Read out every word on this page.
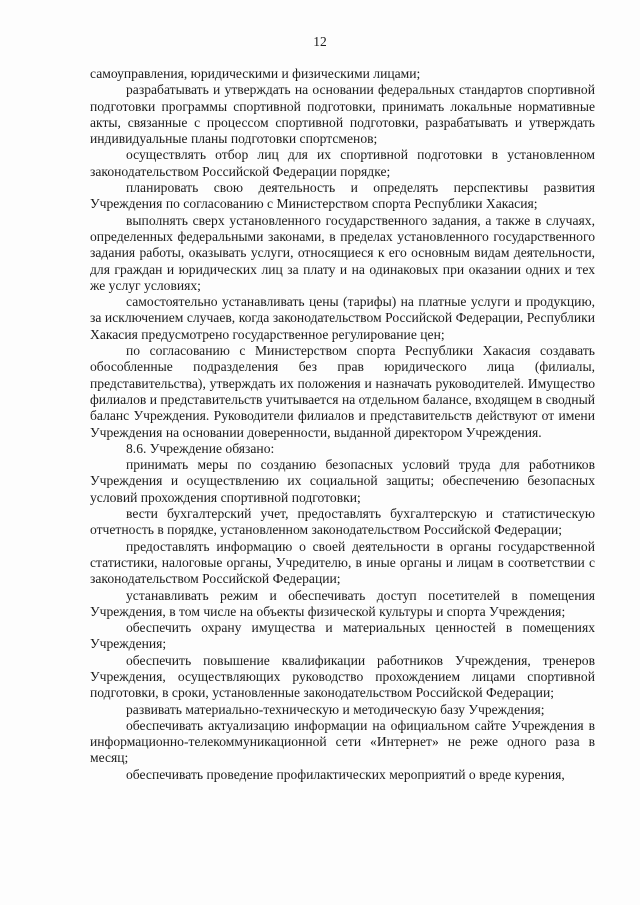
12

самоуправления, юридическими и физическими лицами;

разрабатывать и утверждать на основании федеральных стандартов спортивной подготовки программы спортивной подготовки, принимать локальные нормативные акты, связанные с процессом спортивной подготовки, разрабатывать и утверждать индивидуальные планы подготовки спортсменов;

осуществлять отбор лиц для их спортивной подготовки в установленном законодательством Российской Федерации порядке;

планировать свою деятельность и определять перспективы развития Учреждения по согласованию с Министерством спорта Республики Хакасия;

выполнять сверх установленного государственного задания, а также в случаях, определенных федеральными законами, в пределах установленного государственного задания работы, оказывать услуги, относящиеся к его основным видам деятельности, для граждан и юридических лиц за плату и на одинаковых при оказании одних и тех же услуг условиях;

самостоятельно устанавливать цены (тарифы) на платные услуги и продукцию, за исключением случаев, когда законодательством Российской Федерации, Республики Хакасия предусмотрено государственное регулирование цен;

по согласованию с Министерством спорта Республики Хакасия создавать обособленные подразделения без прав юридического лица (филиалы, представительства), утверждать их положения и назначать руководителей. Имущество филиалов и представительств учитывается на отдельном балансе, входящем в сводный баланс Учреждения. Руководители филиалов и представительств действуют от имени Учреждения на основании доверенности, выданной директором Учреждения.

8.6. Учреждение обязано:

принимать меры по созданию безопасных условий труда для работников Учреждения и осуществлению их социальной защиты; обеспечению безопасных условий прохождения спортивной подготовки;

вести бухгалтерский учет, предоставлять бухгалтерскую и статистическую отчетность в порядке, установленном законодательством Российской Федерации;

предоставлять информацию о своей деятельности в органы государственной статистики, налоговые органы, Учредителю, в иные органы и лицам в соответствии с законодательством Российской Федерации;

устанавливать режим и обеспечивать доступ посетителей в помещения Учреждения, в том числе на объекты физической культуры и спорта Учреждения;

обеспечить охрану имущества и материальных ценностей в помещениях Учреждения;

обеспечить повышение квалификации работников Учреждения, тренеров Учреждения, осуществляющих руководство прохождением лицами спортивной подготовки, в сроки, установленные законодательством Российской Федерации;

развивать материально-техническую и методическую базу Учреждения;

обеспечивать актуализацию информации на официальном сайте Учреждения в информационно-телекоммуникационной сети «Интернет» не реже одного раза в месяц;

обеспечивать проведение профилактических мероприятий о вреде курения,
